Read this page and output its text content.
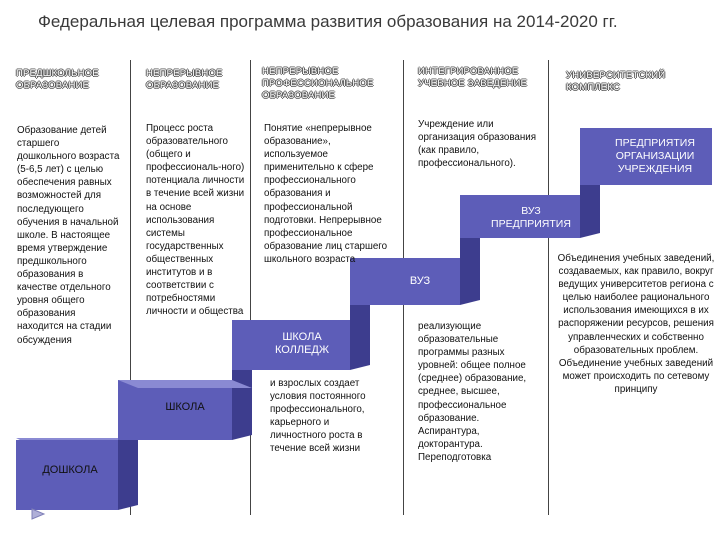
Федеральная целевая программа развития образования на 2014-2020 гг.
ПРЕДШКОЛЬНОЕ ОБРАЗОВАНИЕ
НЕПРЕРЫВНОЕ ОБРАЗОВАНИЕ
НЕПРЕРЫВНОЕ ПРОФЕССИОНАЛЬНОЕ ОБРАЗОВАНИЕ
ИНТЕГРИРОВАННОЕ УЧЕБНОЕ ЗАВЕДЕНИЕ
УНИВЕРСИТЕТСКИЙ КОМПЛЕКС
ДОШКОЛА
ШКОЛА
ШКОЛА КОЛЛЕДЖ
ВУЗ
ВУЗ ПРЕДПРИЯТИЯ
ПРЕДПРИЯТИЯ ОРГАНИЗАЦИИ УЧРЕЖДЕНИЯ
Образование детей старшего дошкольного возраста (5-6,5 лет) с целью обеспечения равных возможностей для последующего обучения в начальной школе. В настоящее время утверждение предшкольного образования в качестве отдельного уровня общего образования находится на стадии обсуждения
Процесс роста образовательного (общего и профессиональ-ного) потенциала личности в течение всей жизни на основе использования системы государственных общественных институтов и в соответствии с потребностями личности и общества
Понятие «непрерывное образование», используемое применительно к сфере профессионального образования и профессиональной подготовки. Непрерывное профессиональное образование лиц старшего школьного возраста
и взрослых создает условия постоянного профессионального, карьерного и личностного роста в течение всей жизни
Учреждение или организация образования (как правило, профессионального).
реализующие образовательные программы разных уровней: общее полное (среднее) образование, среднее, высшее, профессиональное образование. Аспирантура, докторантура. Переподготовка
Объединения учебных заведений, создаваемых, как правило, вокруг ведущих университетов региона с целью наиболее рационального использования имеющихся в их распоряжении ресурсов, решения управленческих и собственно образовательных проблем. Объединение учебных заведений может происходить по сетевому принципу
